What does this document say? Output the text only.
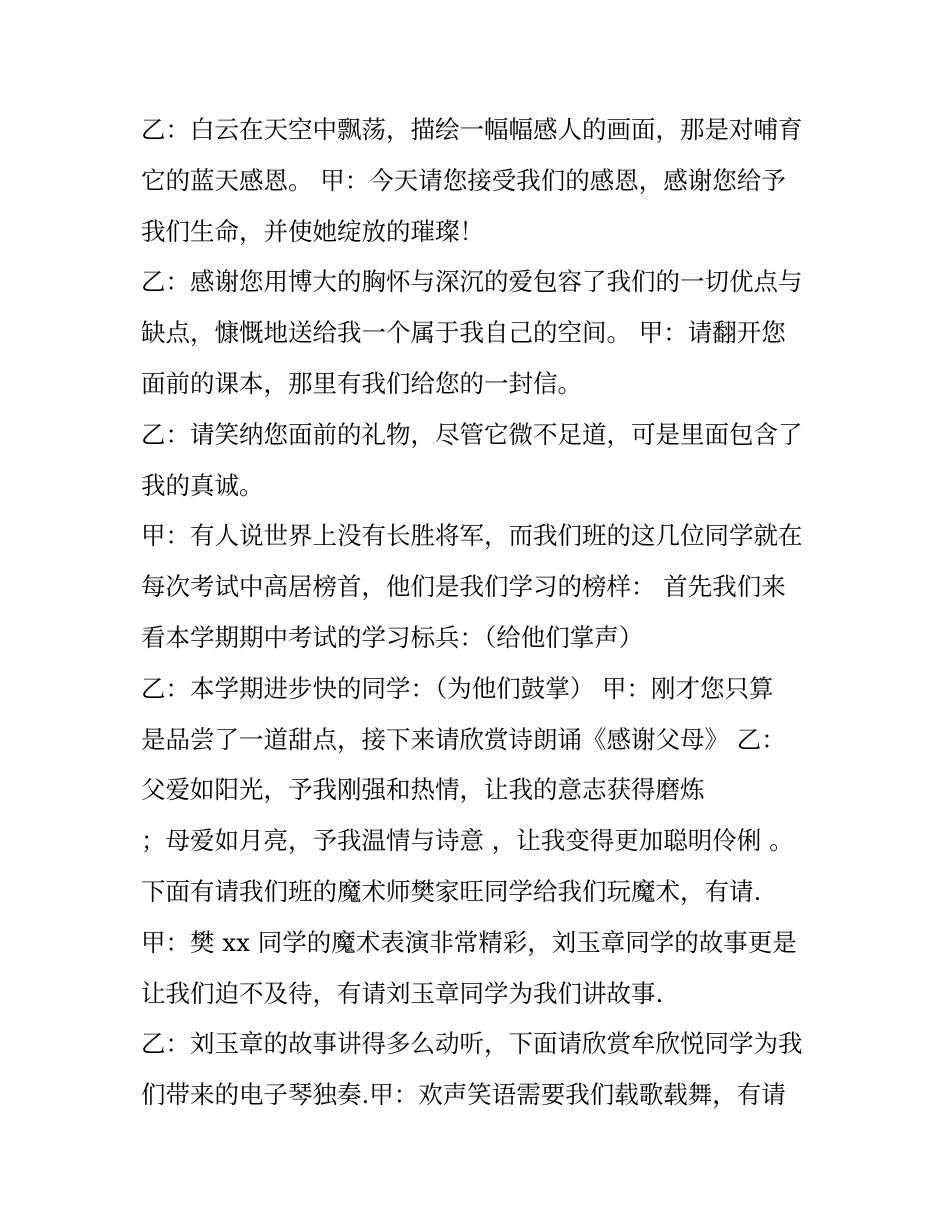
乙：白云在天空中飘荡，描绘一幅幅感人的画面，那是对哺育
它的蓝天感恩。 甲：今天请您接受我们的感恩，感谢您给予
我们生命，并使她绽放的璀璨！
乙：感谢您用博大的胸怀与深沉的爱包容了我们的一切优点与
缺点，慷慨地送给我一个属于我自己的空间。 甲：请翻开您
面前的课本，那里有我们给您的一封信。
乙：请笑纳您面前的礼物，尽管它微不足道，可是里面包含了
我的真诚。
甲：有人说世界上没有长胜将军，而我们班的这几位同学就在
每次考试中高居榜首，他们是我们学习的榜样： 首先我们来
看本学期期中考试的学习标兵：（给他们掌声）
乙：本学期进步快的同学：（为他们鼓掌） 甲：刚才您只算
是品尝了一道甜点，接下来请欣赏诗朗诵《感谢父母》 乙：
父爱如阳光，予我刚强和热情，让我的意志获得磨炼
；母爱如月亮，予我温情与诗意 ，让我变得更加聪明伶俐 。
下面有请我们班的魔术师樊家旺同学给我们玩魔术，有请.
甲：樊 xx 同学的魔术表演非常精彩，刘玉章同学的故事更是
让我们迫不及待，有请刘玉章同学为我们讲故事.
乙：刘玉章的故事讲得多么动听，下面请欣赏牟欣悦同学为我
们带来的电子琴独奏.甲：欢声笑语需要我们载歌载舞，有请
